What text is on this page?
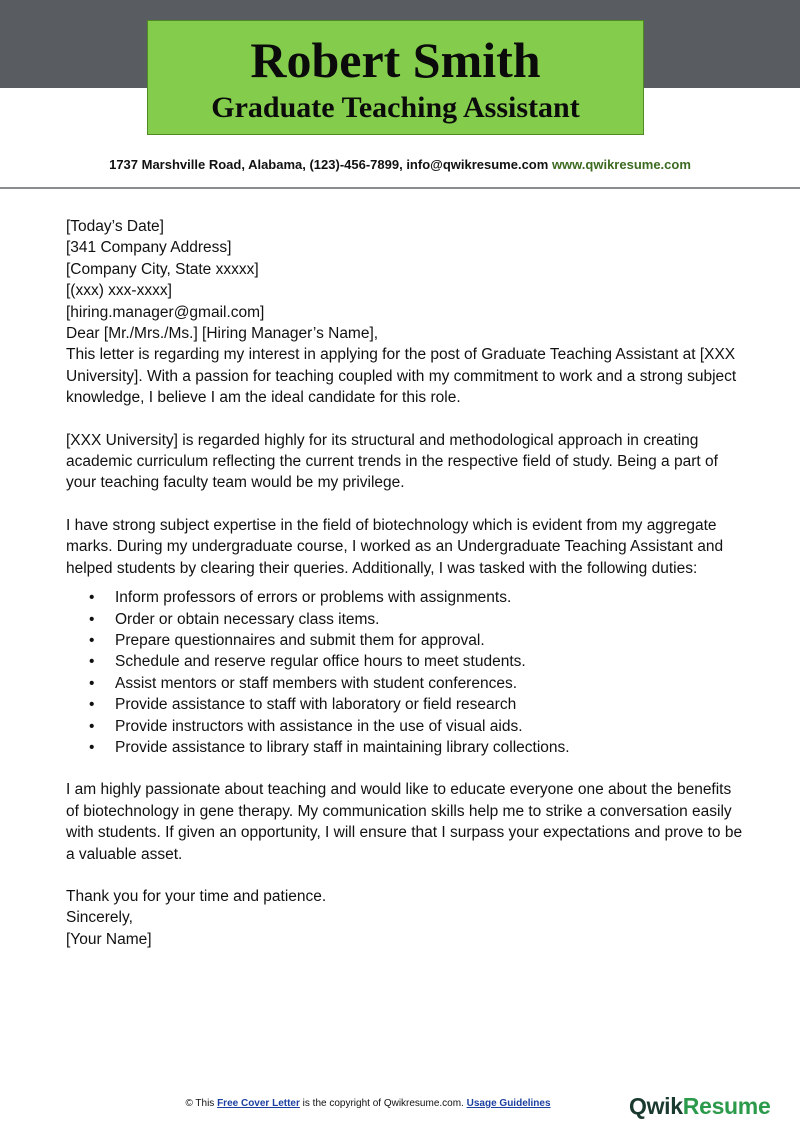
Robert Smith
Graduate Teaching Assistant
1737 Marshville Road, Alabama, (123)-456-7899, info@qwikresume.com www.qwikresume.com

[Today’s Date]

[341 Company Address]

[Company City, State xxxxx]

[(xxx) xxx-xxxx]

[hiring.manager@gmail.com]

Dear [Mr./Mrs./Ms.] [Hiring Manager’s Name],

This letter is regarding my interest in applying for the post of Graduate Teaching Assistant at [XXX University]. With a passion for teaching coupled with my commitment to work and a strong subject knowledge, I believe I am the ideal candidate for this role.

[XXX University] is regarded highly for its structural and methodological approach in creating academic curriculum reflecting the current trends in the respective field of study. Being a part of your teaching faculty team would be my privilege.

I have strong subject expertise in the field of biotechnology which is evident from my aggregate marks. During my undergraduate course, I worked as an Undergraduate Teaching Assistant and helped students by clearing their queries. Additionally, I was tasked with the following duties:

• Inform professors of errors or problems with assignments.
• Order or obtain necessary class items.
• Prepare questionnaires and submit them for approval.
• Schedule and reserve regular office hours to meet students.
• Assist mentors or staff members with student conferences.
• Provide assistance to staff with laboratory or field research
• Provide instructors with assistance in the use of visual aids.
• Provide assistance to library staff in maintaining library collections.

I am highly passionate about teaching and would like to educate everyone one about the benefits of biotechnology in gene therapy. My communication skills help me to strike a conversation easily with students. If given an opportunity, I will ensure that I surpass your expectations and prove to be a valuable asset.

Thank you for your time and patience.

Sincerely,

[Your Name]

© This Free Cover Letter is the copyright of Qwikresume.com. Usage Guidelines	QwikResume
